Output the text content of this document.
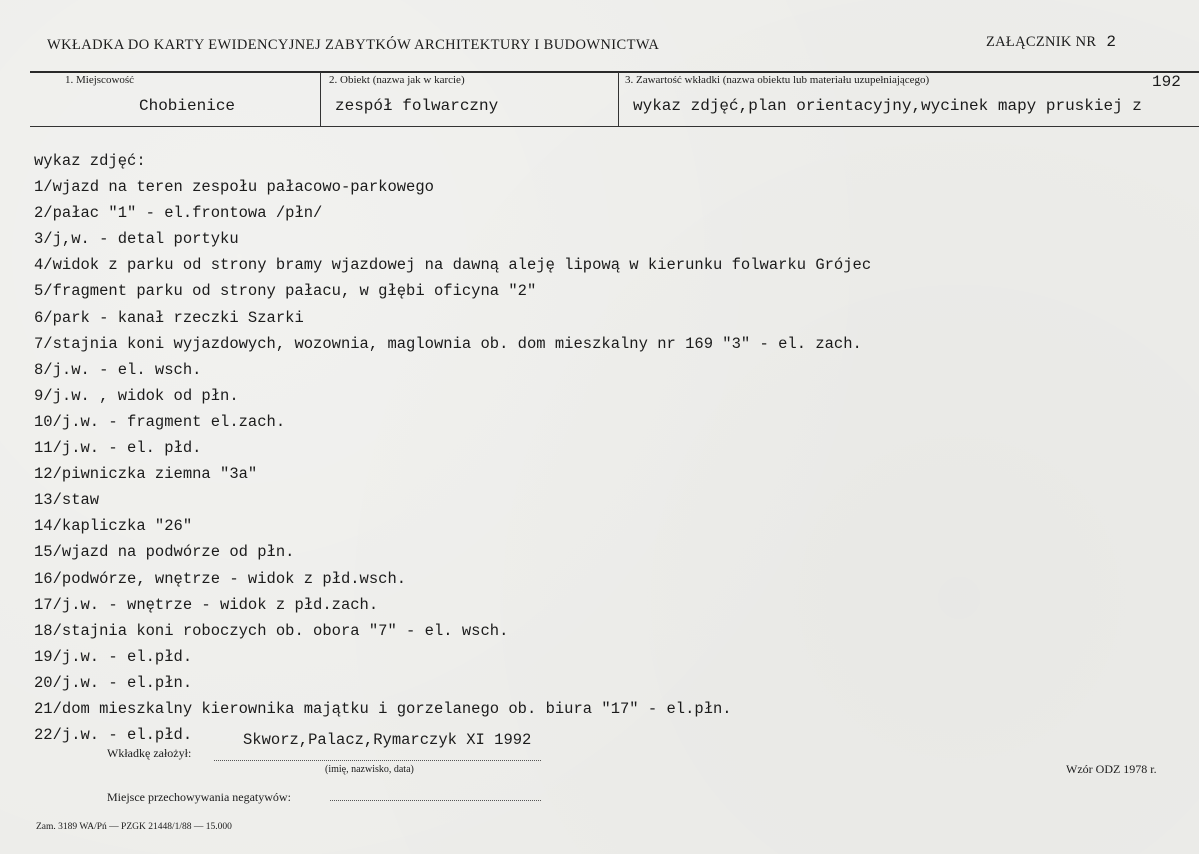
WKŁADKA DO KARTY EWIDENCYJNEJ ZABYTKÓW ARCHITEKTURY I BUDOWNICTWA	ZAŁĄCZNIK NR 2
1. Miejscowość
Chobienice
2. Obiekt (nazwa jak w karcie)
zespół folwarczny
3. Zawartość wkładki (nazwa obiektu lub materiału uzupełniającego)
wykaz zdjęć,plan orientacyjny,wycinek mapy pruskiej z
192
wykaz zdjęć:
1/wjazd na teren zespołu pałacowo-parkowego
2/pałac "1" - el.frontowa /płn/
3/j,w. - detal portyku
4/widok z parku od strony bramy wjazdowej na dawną aleję lipową w kierunku folwarku Grójec
5/fragment parku od strony pałacu, w głębi oficyna "2"
6/park - kanał rzeczki Szarki
7/stajnia koni wyjazdowych, wozownia, maglownia ob. dom mieszkalny nr 169 "3" - el. zach.
8/j.w. - el. wsch.
9/j.w. , widok od płn.
10/j.w. - fragment el.zach.
11/j.w. - el. płd.
12/piwniczka ziemna "3a"
13/staw
14/kapliczka "26"
15/wjazd na podwórze od płn.
16/podwórze, wnętrze - widok z płd.wsch.
17/j.w. - wnętrze - widok z płd.zach.
18/stajnia koni roboczych ob. obora "7" - el. wsch.
19/j.w. - el.płd.
20/j.w. - el.płn.
21/dom mieszkalny kierownika majątku i gorzelanego ob. biura "17" - el.płn.
22/j.w. - el.płd.
Wkładkę założył:
Skworz,Palacz,Rymarczyk XI 1992
(imię, nazwisko, data)	Wzór ODZ 1978 r.
Miejsce przechowywania negatywów:
Zam. 3189 WA/Pń — PZGK 21448/1/88 — 15.000
